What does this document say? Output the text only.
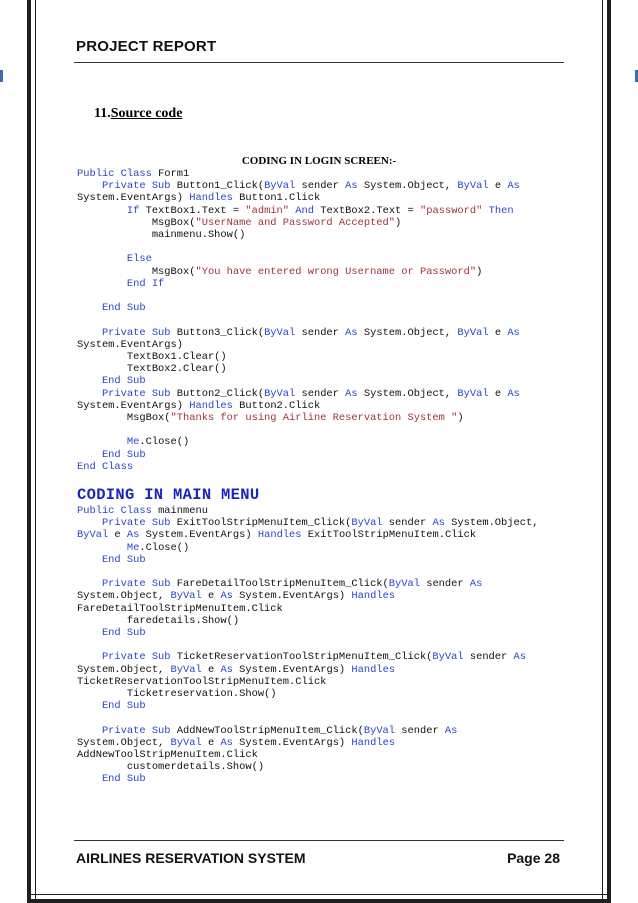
PROJECT REPORT
11.Source code
CODING IN LOGIN SCREEN:-
Public Class Form1
Private Sub Button1_Click(ByVal sender As System.Object, ByVal e As
System.EventArgs) Handles Button1.Click
If TextBox1.Text = "admin" And TextBox2.Text = "password" Then
MsgBox("UserName and Password Accepted")
mainmenu.Show()

Else
MsgBox("You have entered wrong Username or Password")
End If

End Sub

Private Sub Button3_Click(ByVal sender As System.Object, ByVal e As
System.EventArgs)
TextBox1.Clear()
TextBox2.Clear()
End Sub
Private Sub Button2_Click(ByVal sender As System.Object, ByVal e As
System.EventArgs) Handles Button2.Click
MsgBox("Thanks for using Airline Reservation System ")

Me.Close()
End Sub
End Class

CODING IN MAIN MENU
Public Class mainmenu
Private Sub ExitToolStripMenuItem_Click(ByVal sender As System.Object,
ByVal e As System.EventArgs) Handles ExitToolStripMenuItem.Click
Me.Close()
End Sub

Private Sub FareDetailToolStripMenuItem_Click(ByVal sender As
System.Object, ByVal e As System.EventArgs) Handles
FareDetailToolStripMenuItem.Click
faredetails.Show()
End Sub

Private Sub TicketReservationToolStripMenuItem_Click(ByVal sender As
System.Object, ByVal e As System.EventArgs) Handles
TicketReservationToolStripMenuItem.Click
Ticketreservation.Show()
End Sub

Private Sub AddNewToolStripMenuItem_Click(ByVal sender As
System.Object, ByVal e As System.EventArgs) Handles
AddNewToolStripMenuItem.Click
customerdetails.Show()
End Sub

AIRLINES RESERVATION SYSTEM	Page 28
